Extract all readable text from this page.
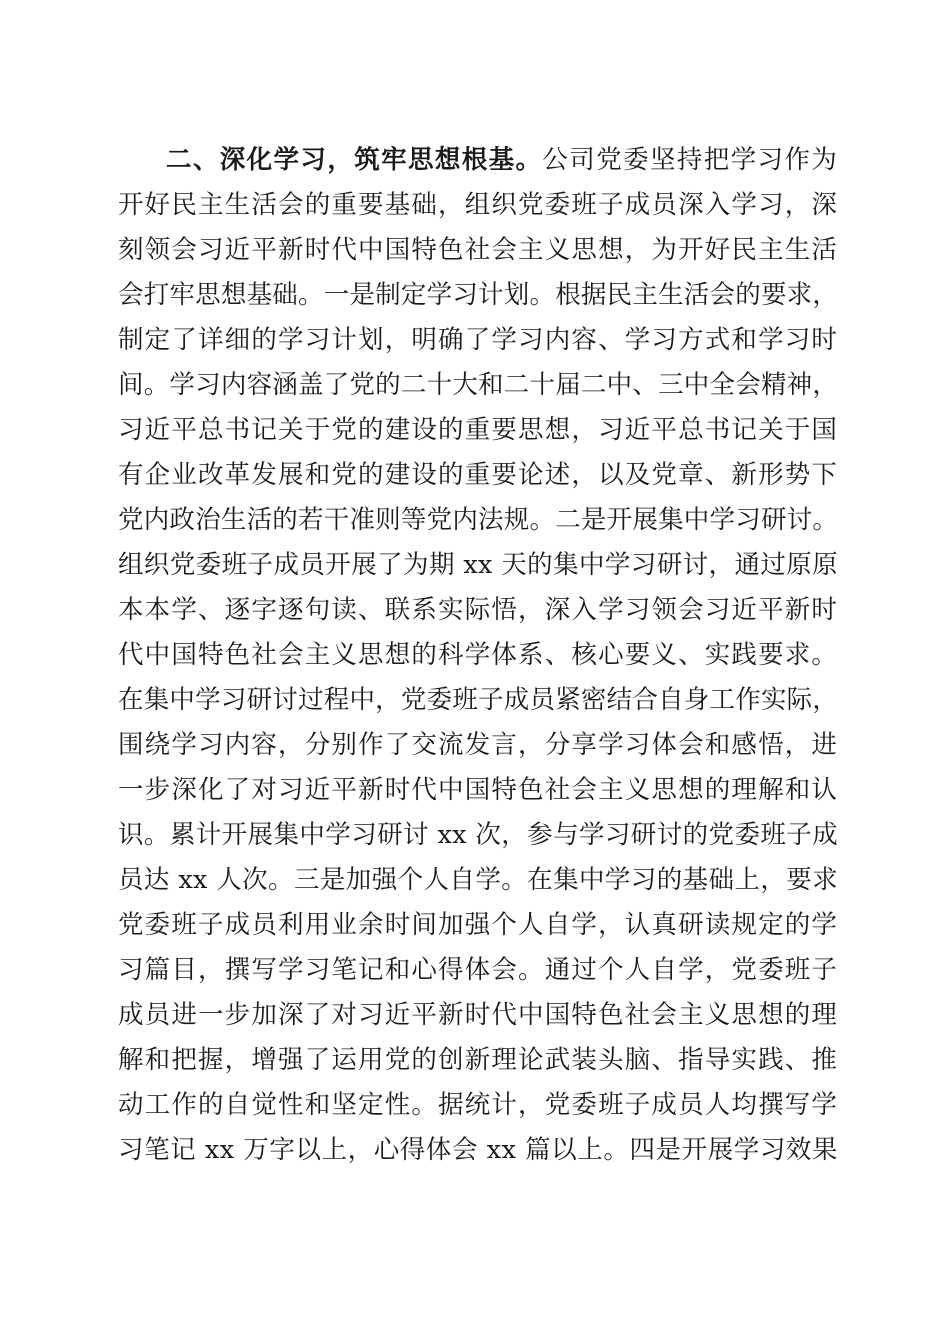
二、深化学习，筑牢思想根基。公司党委坚持把学习作为
开好民主生活会的重要基础，组织党委班子成员深入学习，深
刻领会习近平新时代中国特色社会主义思想，为开好民主生活
会打牢思想基础。一是制定学习计划。根据民主生活会的要求，
制定了详细的学习计划，明确了学习内容、学习方式和学习时
间。学习内容涵盖了党的二十大和二十届二中、三中全会精神，
习近平总书记关于党的建设的重要思想，习近平总书记关于国
有企业改革发展和党的建设的重要论述，以及党章、新形势下
党内政治生活的若干准则等党内法规。二是开展集中学习研讨。
组织党委班子成员开展了为期 xx 天的集中学习研讨，通过原原
本本学、逐字逐句读、联系实际悟，深入学习领会习近平新时
代中国特色社会主义思想的科学体系、核心要义、实践要求。
在集中学习研讨过程中，党委班子成员紧密结合自身工作实际，
围绕学习内容，分别作了交流发言，分享学习体会和感悟，进
一步深化了对习近平新时代中国特色社会主义思想的理解和认
识。累计开展集中学习研讨 xx 次，参与学习研讨的党委班子成
员达 xx 人次。三是加强个人自学。在集中学习的基础上，要求
党委班子成员利用业余时间加强个人自学，认真研读规定的学
习篇目，撰写学习笔记和心得体会。通过个人自学，党委班子
成员进一步加深了对习近平新时代中国特色社会主义思想的理
解和把握，增强了运用党的创新理论武装头脑、指导实践、推
动工作的自觉性和坚定性。据统计，党委班子成员人均撰写学
习笔记 xx 万字以上，心得体会 xx 篇以上。四是开展学习效果
